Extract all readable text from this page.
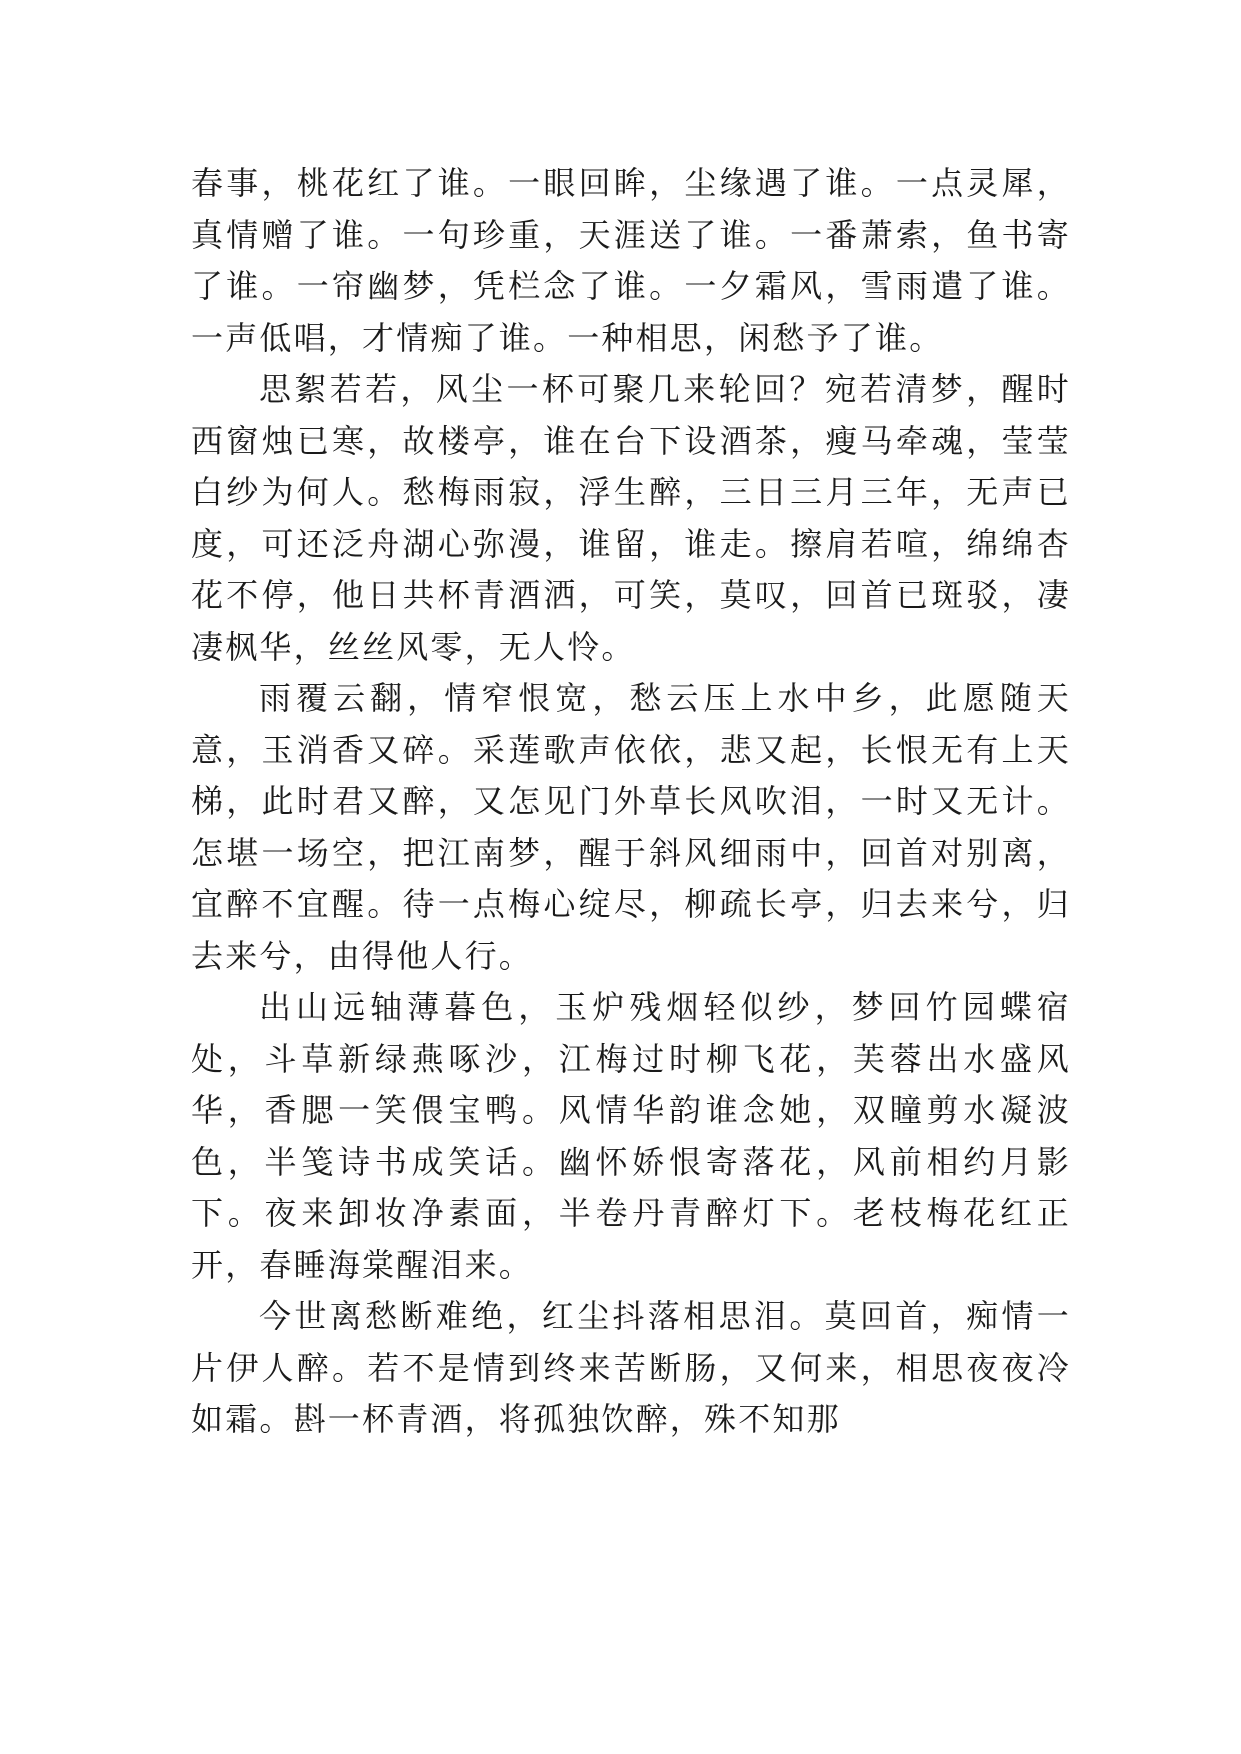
春事，桃花红了谁。一眼回眸，尘缘遇了谁。一点灵犀，真情赠了谁。一句珍重，天涯送了谁。一番萧索，鱼书寄了谁。一帘幽梦，凭栏念了谁。一夕霜风，雪雨遣了谁。一声低唱，才情痴了谁。一种相思，闲愁予了谁。

思絮若若，风尘一杯可聚几来轮回？宛若清梦，醒时西窗烛已寒，故楼亭，谁在台下设酒茶，瘦马牵魂，莹莹白纱为何人。愁梅雨寂，浮生醉，三日三月三年，无声已度，可还泛舟湖心弥漫，谁留，谁走。擦肩若喧，绵绵杏花不停，他日共杯青酒洒，可笑，莫叹，回首已斑驳，凄凄枫华，丝丝风零，无人怜。

雨覆云翻，情窄恨宽，愁云压上水中乡，此愿随天意，玉消香又碎。采莲歌声依依，悲又起，长恨无有上天梯，此时君又醉，又怎见门外草长风吹泪，一时又无计。怎堪一场空，把江南梦，醒于斜风细雨中，回首对别离，宜醉不宜醒。待一点梅心绽尽，柳疏长亭，归去来兮，归去来兮，由得他人行。

出山远轴薄暮色，玉炉残烟轻似纱，梦回竹园蝶宿处，斗草新绿燕啄沙，江梅过时柳飞花，芙蓉出水盛风华，香腮一笑偎宝鸭。风情华韵谁念她，双瞳剪水凝波色，半笺诗书成笑话。幽怀娇恨寄落花，风前相约月影下。夜来卸妆净素面，半卷丹青醉灯下。老枝梅花红正开，春睡海棠醒泪来。

今世离愁断难绝，红尘抖落相思泪。莫回首，痴情一片伊人醉。若不是情到终来苦断肠，又何来，相思夜夜冷如霜。斟一杯青酒，将孤独饮醉，殊不知那
